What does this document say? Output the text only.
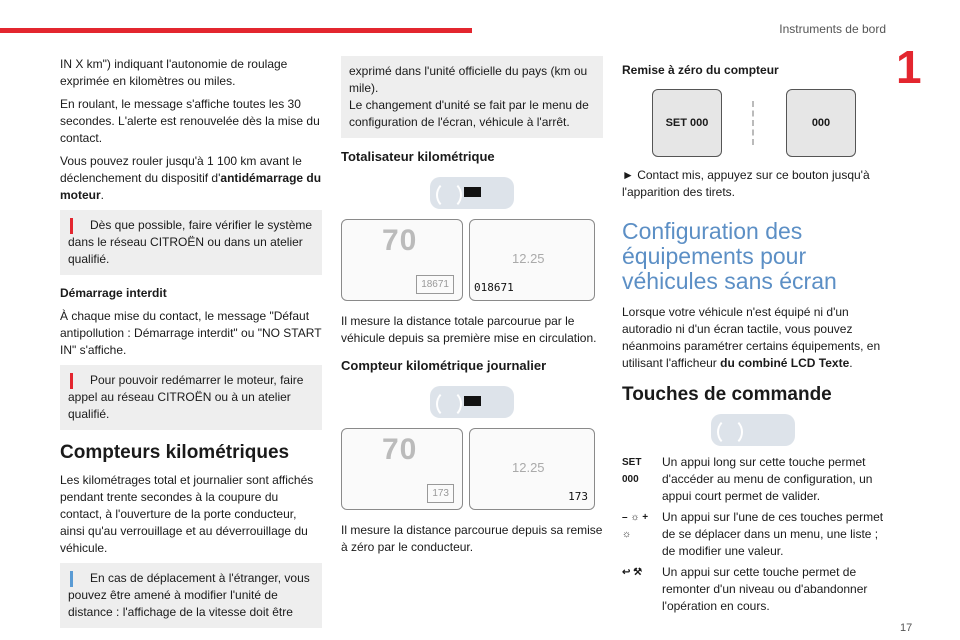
Instruments de bord
1
17

IN X km") indiquant l'autonomie de roulage exprimée en kilomètres ou miles.

En roulant, le message s'affiche toutes les 30 secondes. L'alerte est renouvelée dès la mise du contact.

Vous pouvez rouler jusqu'à 1 100 km avant le déclenchement du dispositif d'antidémarrage du moteur.

Dès que possible, faire vérifier le système dans le réseau CITROËN ou dans un atelier qualifié.
Démarrage interdit

À chaque mise du contact, le message "Défaut antipollution : Démarrage interdit" ou "NO START IN" s'affiche.

Pour pouvoir redémarrer le moteur, faire appel au réseau CITROËN ou à un atelier qualifié.
Compteurs kilométriques

Les kilométrages total et journalier sont affichés pendant trente secondes à la coupure du contact, à l'ouverture de la porte conducteur, ainsi qu'au verrouillage et au déverrouillage du véhicule.

En cas de déplacement à l'étranger, vous pouvez être amené à modifier l'unité de distance : l'affichage de la vitesse doit être
exprimé dans l'unité officielle du pays (km ou mile).
Le changement d'unité se fait par le menu de configuration de l'écran, véhicule à l'arrêt.
Totalisateur kilométrique
70
18671
12.25
018671

Il mesure la distance totale parcourue par le véhicule depuis sa première mise en circulation.

Compteur kilométrique journalier
70
173
12.25
173

Il mesure la distance parcourue depuis sa remise à zéro par le conducteur.

Remise à zéro du compteur
SET 000	000

► Contact mis, appuyez sur ce bouton jusqu'à l'apparition des tirets.

Configuration des équipements pour véhicules sans écran

Lorsque votre véhicule n'est équipé ni d'un autoradio ni d'un écran tactile, vous pouvez néanmoins paramétrer certains équipements, en utilisant l'afficheur du combiné LCD Texte.

Touches de commande
SET 000
Un appui long sur cette touche permet d'accéder au menu de configuration, un appui court permet de valider.
– ☼ + ☼
Un appui sur l'une de ces touches permet de se déplacer dans un menu, une liste ; de modifier une valeur.
↩ ⚒	Un appui sur cette touche permet de remonter d'un niveau ou d'abandonner l'opération en cours.
